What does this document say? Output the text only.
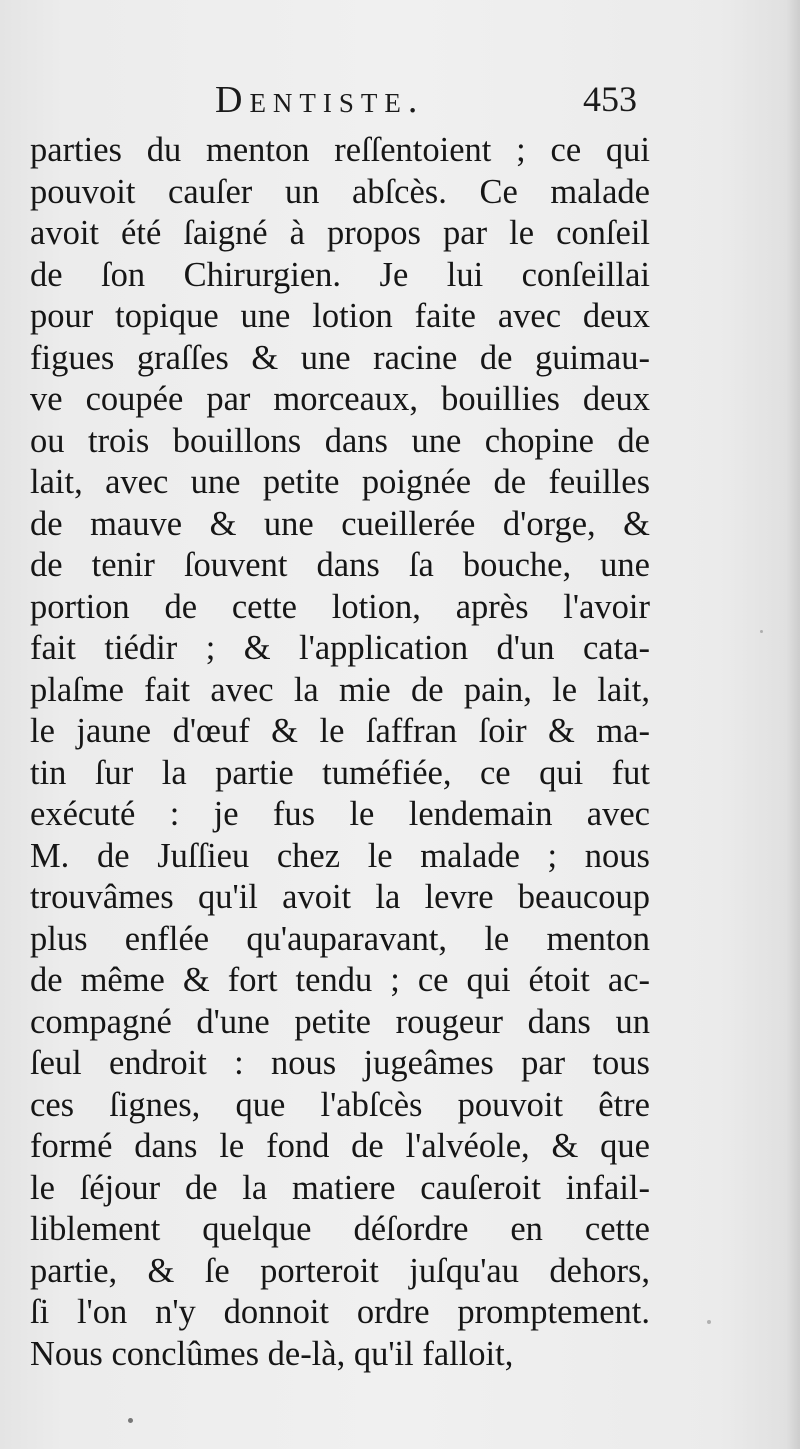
Dentiste.	453
parties du menton reſſentoient ; ce qui
pouvoit cauſer un abſcès. Ce malade
avoit été ſaigné à propos par le conſeil
de ſon Chirurgien. Je lui conſeillai
pour topique une lotion faite avec deux
figues graſſes & une racine de guimau-
ve coupée par morceaux, bouillies deux
ou trois bouillons dans une chopine de
lait, avec une petite poignée de feuilles
de mauve & une cueillerée d'orge, &
de tenir ſouvent dans ſa bouche, une
portion de cette lotion, après l'avoir
fait tiédir ; & l'application d'un cata-
plaſme fait avec la mie de pain, le lait,
le jaune d'œuf & le ſaffran ſoir & ma-
tin ſur la partie tuméfiée, ce qui fut
exécuté : je fus le lendemain avec
M. de Juſſieu chez le malade ; nous
trouvâmes qu'il avoit la levre beaucoup
plus enflée qu'auparavant, le menton
de même & fort tendu ; ce qui étoit ac-
compagné d'une petite rougeur dans un
ſeul endroit : nous jugeâmes par tous
ces ſignes, que l'abſcès pouvoit être
formé dans le fond de l'alvéole, & que
le ſéjour de la matiere cauſeroit infail-
liblement quelque déſordre en cette
partie, & ſe porteroit juſqu'au dehors,
ſi l'on n'y donnoit ordre promptement.
Nous conclûmes de-là, qu'il falloit,
